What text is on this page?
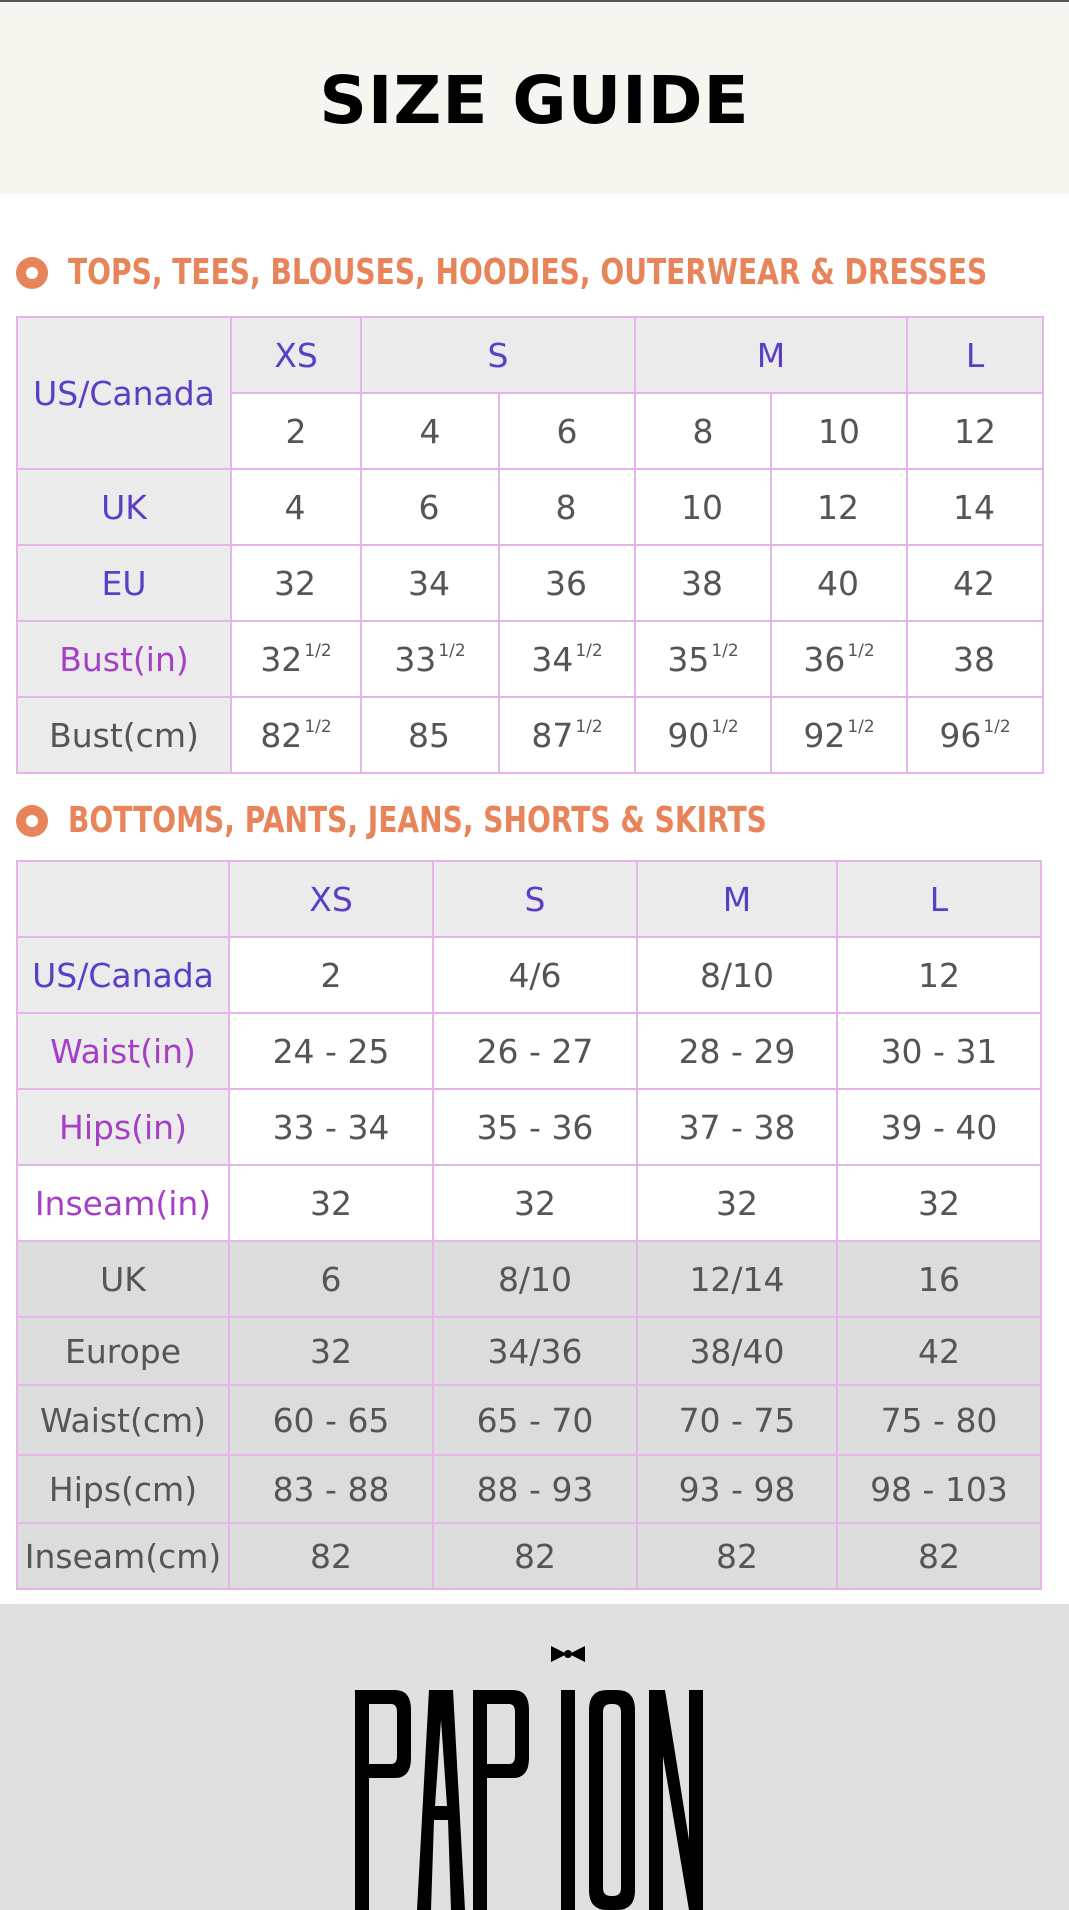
SIZE GUIDE
TOPS, TEES, BLOUSES, HOODIES, OUTERWEAR & DRESSES
US/Canada	XS	S		M		L
	2	4	6	8	10	12
UK	4	6	8	10	12	14
EU	32	34	36	38	40	42
Bust(in)	32 $^{1/2}$	33 $^{1/2}$	34 $^{1/2}$	35 $^{1/2}$	36 $^{1/2}$	38
Bust(cm)	82 $^{1/2}$	85	87 $^{1/2}$	90 $^{1/2}$	92 $^{1/2}$	96 $^{1/2}$
BOTTOMS, PANTS, JEANS, SHORTS & SKIRTS
	XS	S	M	L
US/Canada	2	4/6	8/10	12
Waist(in)	24 - 25	26 - 27	28 - 29	30 - 31
Hips(in)	33 - 34	35 - 36	37 - 38	39 - 40
Inseam(in)	32	32	32	32
UK	6	8/10	12/14	16
Europe	32	34/36	38/40	42
Waist(cm)	60 - 65	65 - 70	70 - 75	75 - 80
Hips(cm)	83 - 88	88 - 93	93 - 98	98 - 103
Inseam(cm)	82	82	82	82
